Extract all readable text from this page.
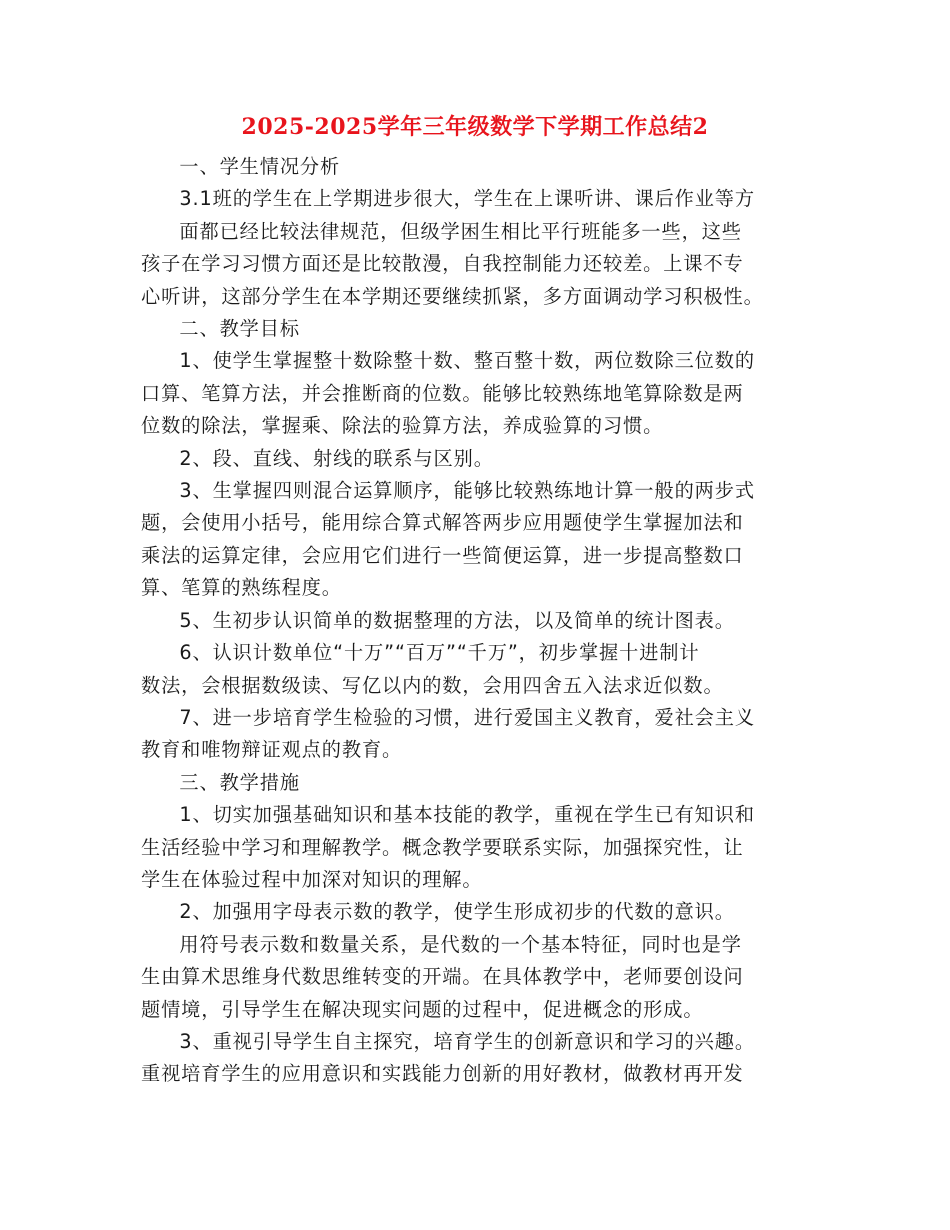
2025-2025学年三年级数学下学期工作总结2

一、学生情况分析

3.1班的学生在上学期进步很大，学生在上课听讲、课后作业等方
面都已经比较法律规范，但级学困生相比平行班能多一些，这些

孩子在学习习惯方面还是比较散漫，自我控制能力还较差。上课不专
心听讲，这部分学生在本学期还要继续抓紧，多方面调动学习积极性。

二、教学目标

1、使学生掌握整十数除整十数、整百整十数，两位数除三位数的

口算、笔算方法，并会推断商的位数。能够比较熟练地笔算除数是两
位数的除法，掌握乘、除法的验算方法，养成验算的习惯。

2、段、直线、射线的联系与区别。

3、生掌握四则混合运算顺序，能够比较熟练地计算一般的两步式

题，会使用小括号，能用综合算式解答两步应用题使学生掌握加法和
乘法的运算定律，会应用它们进行一些简便运算，进一步提高整数口
算、笔算的熟练程度。

5、生初步认识简单的数据整理的方法，以及简单的统计图表。

6、认识计数单位“十万”“百万”“千万”，初步掌握十进制计

数法，会根据数级读、写亿以内的数，会用四舍五入法求近似数。

7、进一步培育学生检验的习惯，进行爱国主义教育，爱社会主义

教育和唯物辩证观点的教育。

三、教学措施

1、切实加强基础知识和基本技能的教学，重视在学生已有知识和

生活经验中学习和理解教学。概念教学要联系实际，加强探究性，让
学生在体验过程中加深对知识的理解。

2、加强用字母表示数的教学，使学生形成初步的代数的意识。

用符号表示数和数量关系，是代数的一个基本特征，同时也是学

生由算术思维身代数思维转变的开端。在具体教学中，老师要创设问
题情境，引导学生在解决现实问题的过程中，促进概念的形成。

3、重视引导学生自主探究，培育学生的创新意识和学习的兴趣。

重视培育学生的应用意识和实践能力创新的用好教材，做教材再开发
